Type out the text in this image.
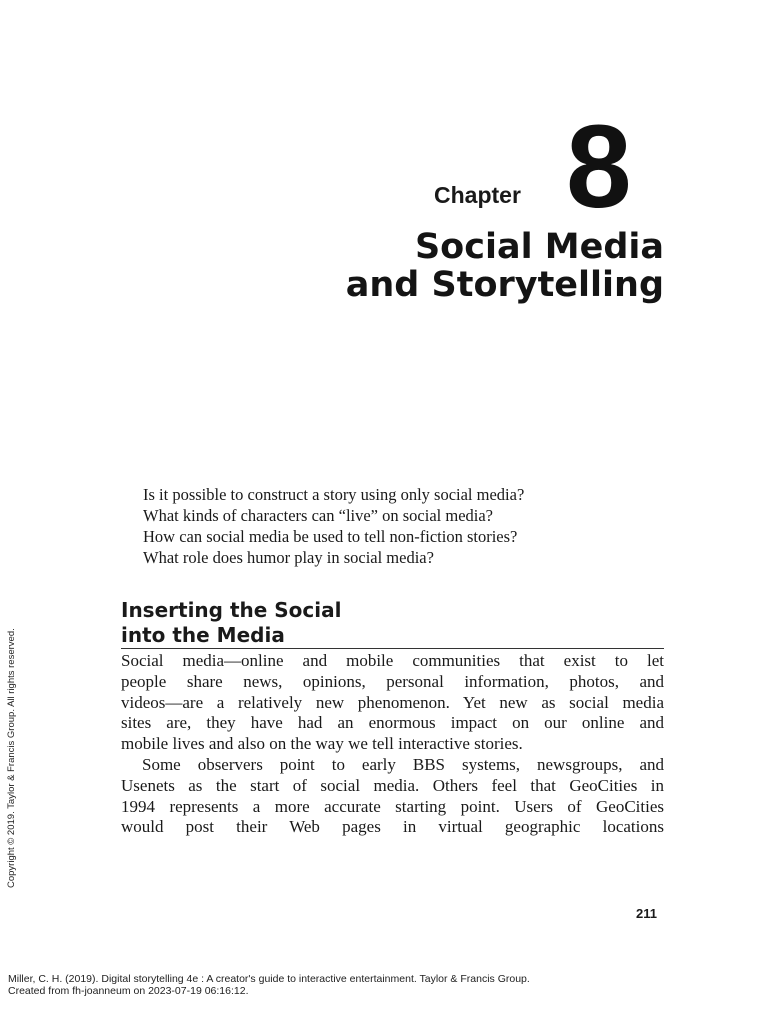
Chapter 8
Social Media
and Storytelling
Is it possible to construct a story using only social media?
What kinds of characters can “live” on social media?
How can social media be used to tell non-fiction stories?
What role does humor play in social media?
Inserting the Social
into the Media
Social media—online and mobile communities that exist to let
people share news, opinions, personal information, photos, and
videos—are a relatively new phenomenon. Yet new as social media
sites are, they have had an enormous impact on our online and
mobile lives and also on the way we tell interactive stories.
Some observers point to early BBS systems, newsgroups, and
Usenets as the start of social media. Others feel that GeoCities in
1994 represents a more accurate starting point. Users of GeoCities
would post their Web pages in virtual geographic locations
211
Copyright © 2019. Taylor & Francis Group. All rights reserved.
Miller, C. H. (2019). Digital storytelling 4e : A creator's guide to interactive entertainment. Taylor & Francis Group.
Created from fh-joanneum on 2023-07-19 06:16:12.
